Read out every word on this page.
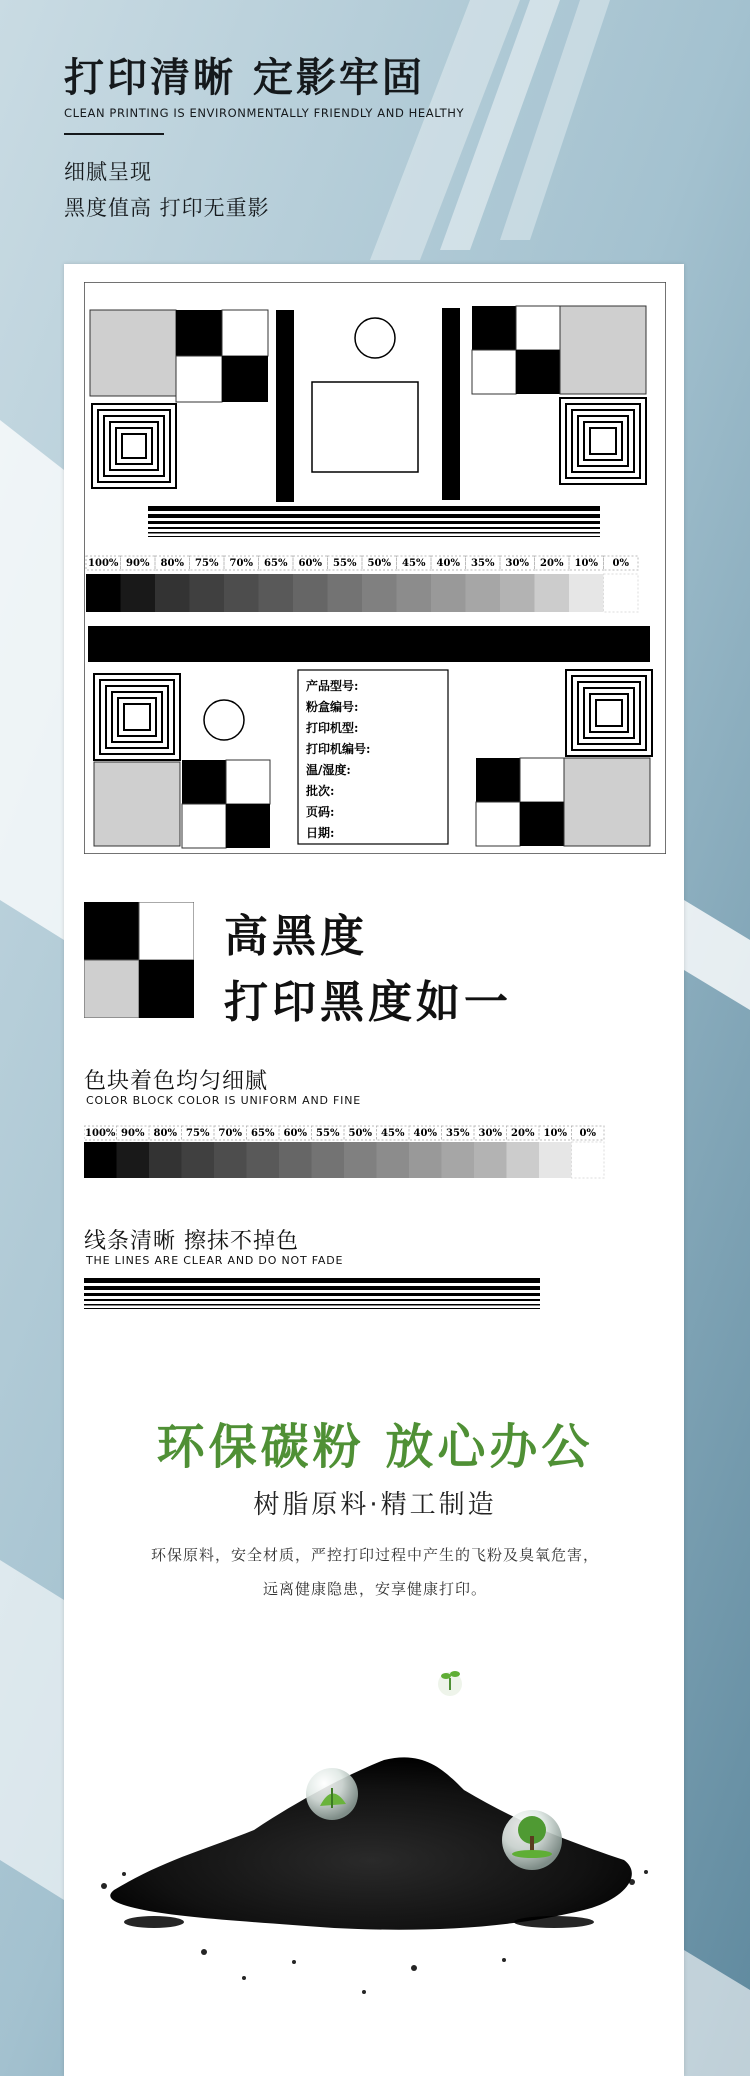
打印清晰 定影牢固
CLEAN PRINTING IS ENVIRONMENTALLY FRIENDLY AND HEALTHY
细腻呈现
黑度值高 打印无重影
100% 90% 80% 75% 70% 65% 60% 55% 50% 45% 40% 35% 30% 20% 10% 0%
产品型号:
粉盒编号:
打印机型:
打印机编号:
温/湿度:
批次:
页码:
日期:
高黑度
打印黑度如一
色块着色均匀细腻
COLOR BLOCK COLOR IS UNIFORM AND FINE
100% 90% 80% 75% 70% 65% 60% 55% 50% 45% 40% 35% 30% 20% 10% 0%
线条清晰 擦抹不掉色
THE LINES ARE CLEAR AND DO NOT FADE
环保碳粉 放心办公
树脂原料·精工制造
环保原料，安全材质，严控打印过程中产生的飞粉及臭氧危害，
远离健康隐患，安享健康打印。
